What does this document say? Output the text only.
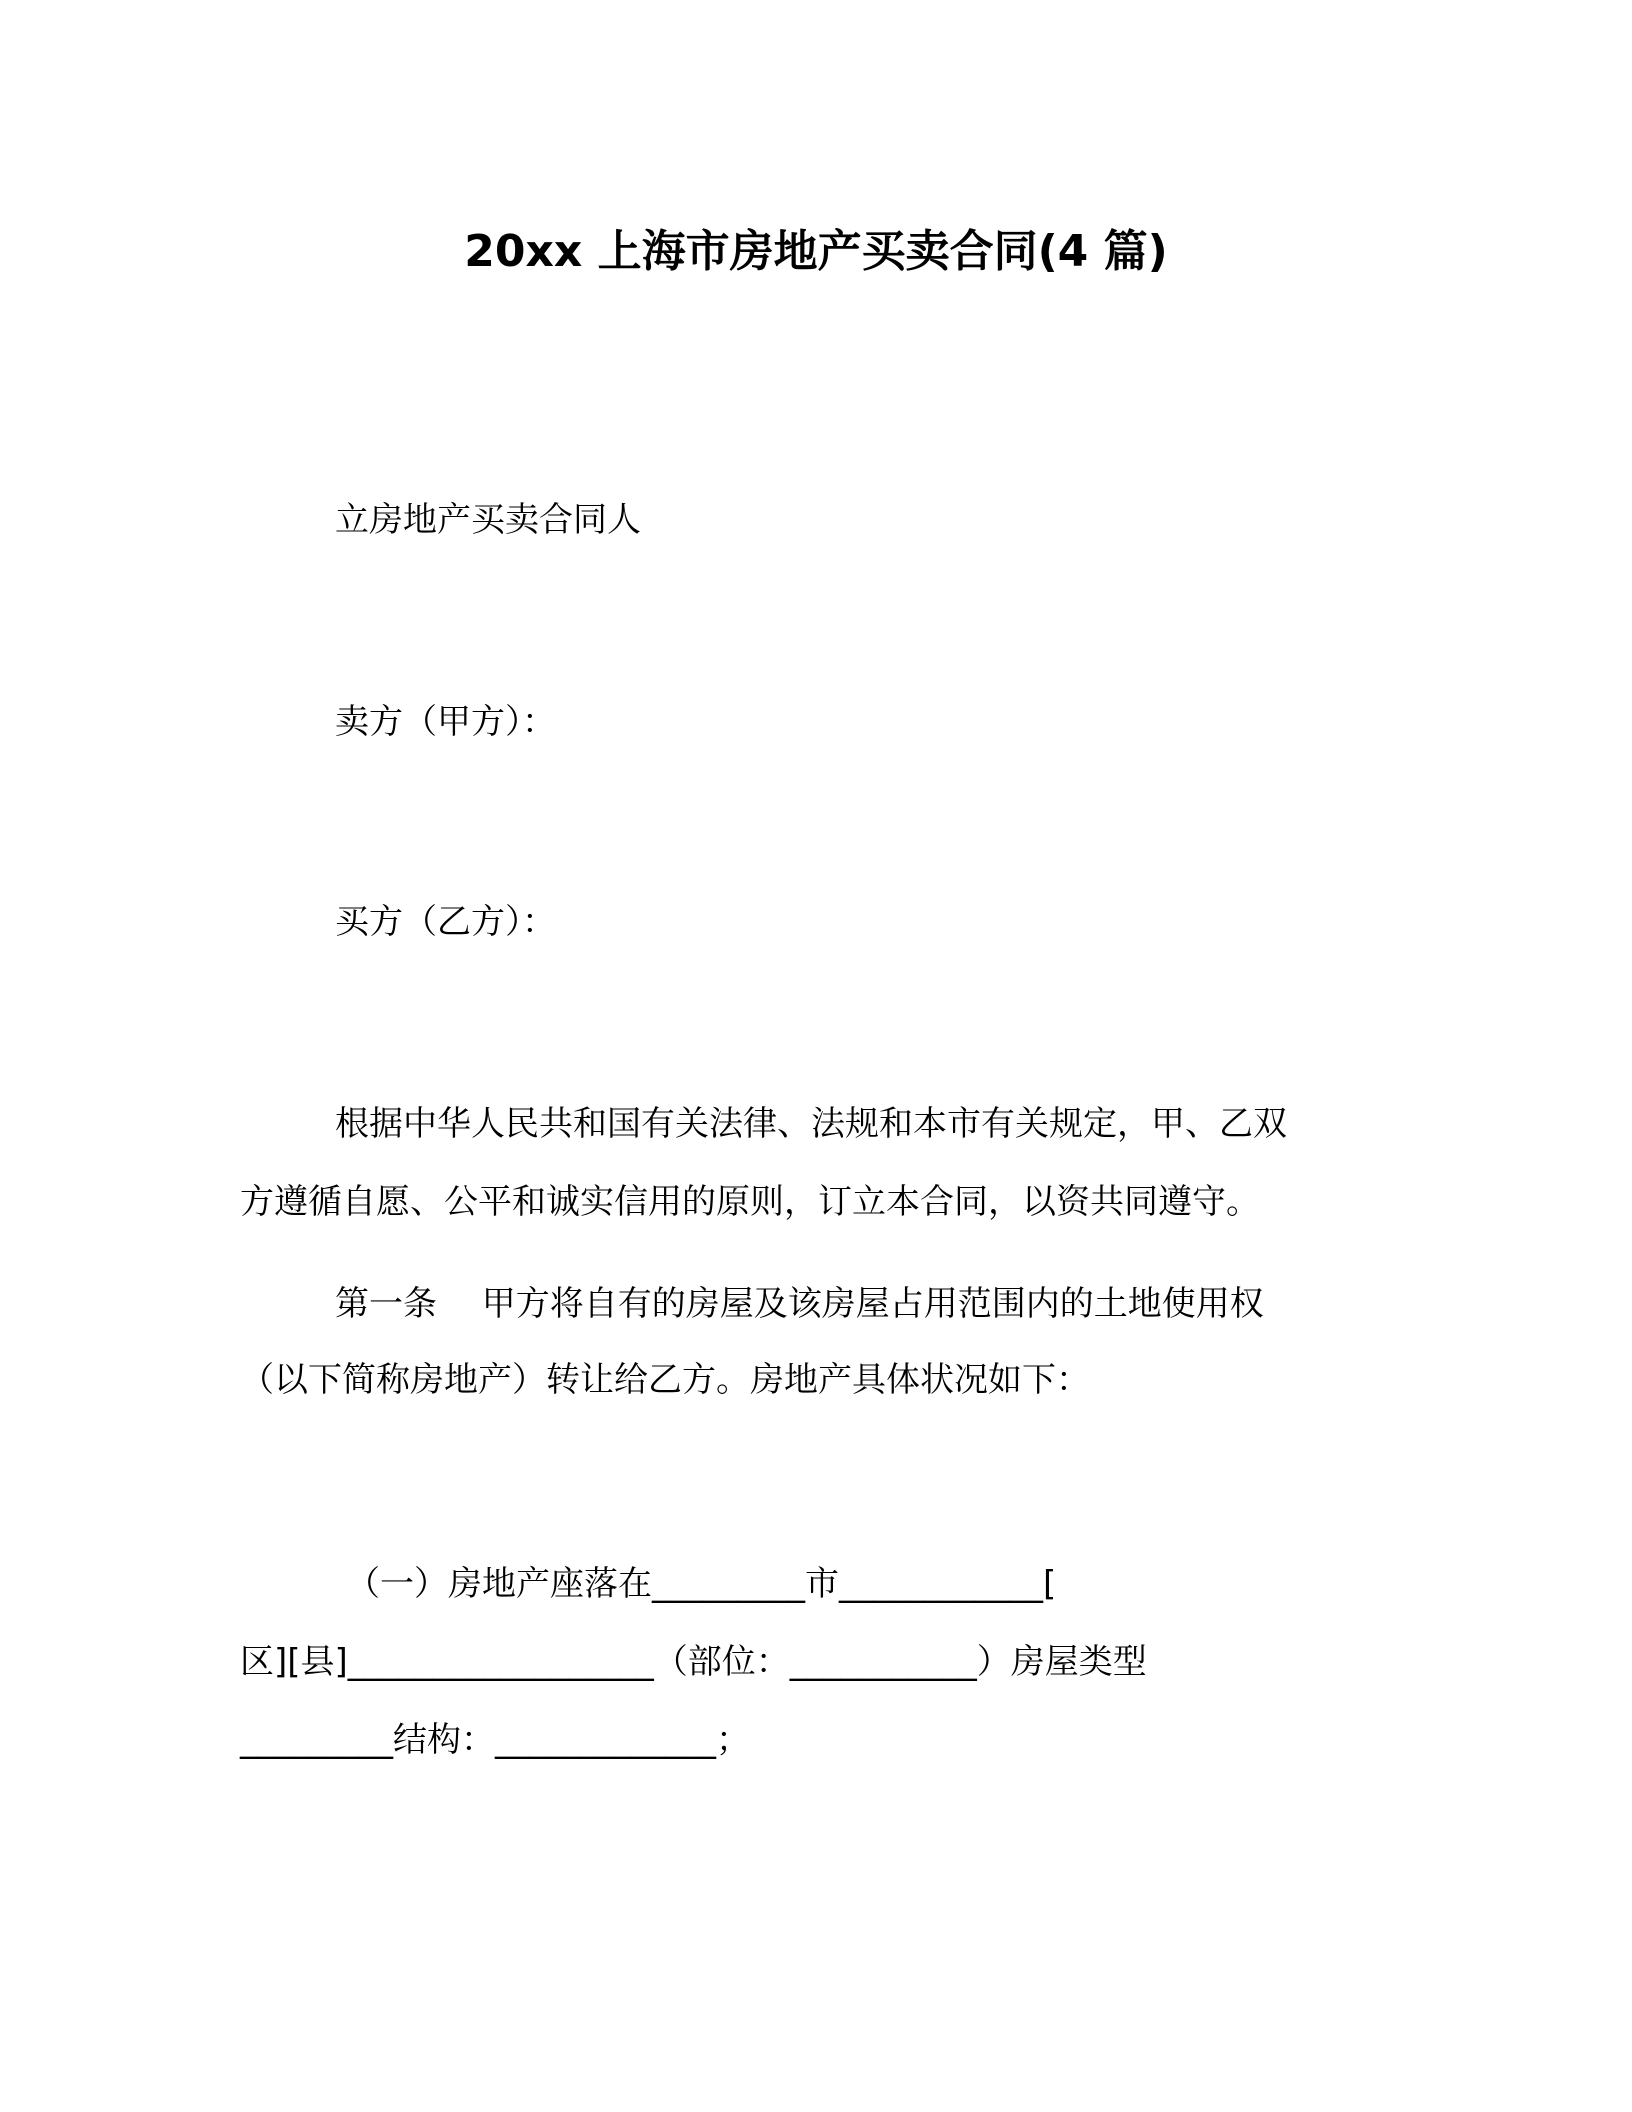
20xx 上海市房地产买卖合同(4 篇)
立房地产买卖合同人
卖方（甲方）：
买方（乙方）：
根据中华人民共和国有关法律、法规和本市有关规定，甲、乙双
方遵循自愿、公平和诚实信用的原则，订立本合同，以资共同遵守。
第一条　 甲方将自有的房屋及该房屋占用范围内的土地使用权
（以下简称房地产）转让给乙方。房地产具体状况如下：
（一）房地产座落在_________市____________[
区][县]__________________（部位：___________）房屋类型
_________结构：_____________；
